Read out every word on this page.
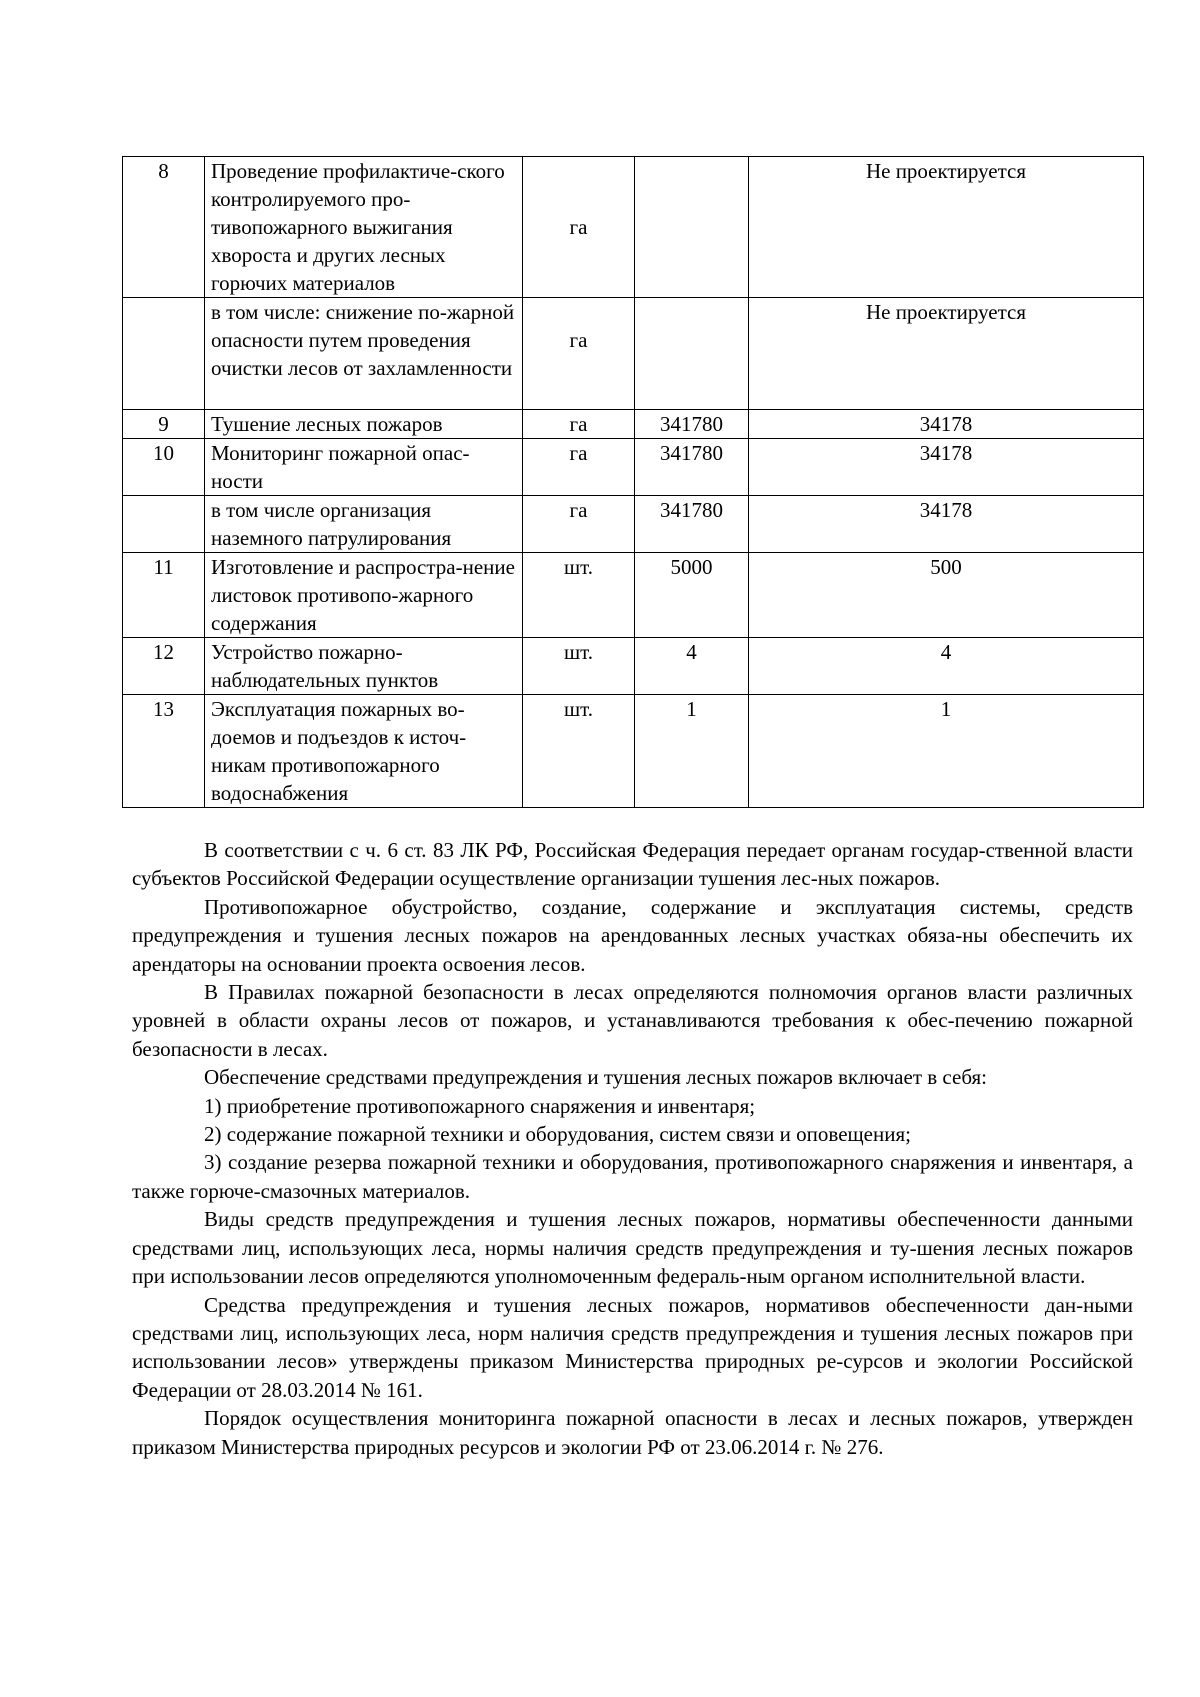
8	Проведение профилактиче-ского контролируемого про-тивопожарного выжигания хвороста и других лесных горючих материалов	га		Не проектируется
	в том числе: снижение по-жарной опасности путем проведения очистки лесов от захламленности	га		Не проектируется
9	Тушение лесных пожаров	га	341780	34178
10	Мониторинг пожарной опас-ности	га	341780	34178
	в том числе организация наземного патрулирования	га	341780	34178
11	Изготовление и распростра-нение листовок противопо-жарного содержания	шт.	5000	500
12	Устройство пожарно-наблюдательных пунктов	шт.	4	4
13	Эксплуатация пожарных во-доемов и подъездов к источ-никам противопожарного водоснабжения	шт.	1	1

В соответствии с ч. 6 ст. 83 ЛК РФ, Российская Федерация передает органам государ-ственной власти субъектов Российской Федерации осуществление организации тушения лес-ных пожаров.

Противопожарное обустройство, создание, содержание и эксплуатация системы, средств предупреждения и тушения лесных пожаров на арендованных лесных участках обяза-ны обеспечить их арендаторы на основании проекта освоения лесов.

В Правилах пожарной безопасности в лесах определяются полномочия органов власти различных уровней в области охраны лесов от пожаров, и устанавливаются требования к обес-печению пожарной безопасности в лесах.

Обеспечение средствами предупреждения и тушения лесных пожаров включает в себя:

1) приобретение противопожарного снаряжения и инвентаря;

2) содержание пожарной техники и оборудования, систем связи и оповещения;

3) создание резерва пожарной техники и оборудования, противопожарного снаряжения и инвентаря, а также горюче-смазочных материалов.

Виды средств предупреждения и тушения лесных пожаров, нормативы обеспеченности данными средствами лиц, использующих леса, нормы наличия средств предупреждения и ту-шения лесных пожаров при использовании лесов определяются уполномоченным федераль-ным органом исполнительной власти.

Средства предупреждения и тушения лесных пожаров, нормативов обеспеченности дан-ными средствами лиц, использующих леса, норм наличия средств предупреждения и тушения лесных пожаров при использовании лесов» утверждены приказом Министерства природных ре-сурсов и экологии Российской Федерации от 28.03.2014 № 161.

Порядок осуществления мониторинга пожарной опасности в лесах и лесных пожаров, утвержден приказом Министерства природных ресурсов и экологии РФ от 23.06.2014 г. № 276.
